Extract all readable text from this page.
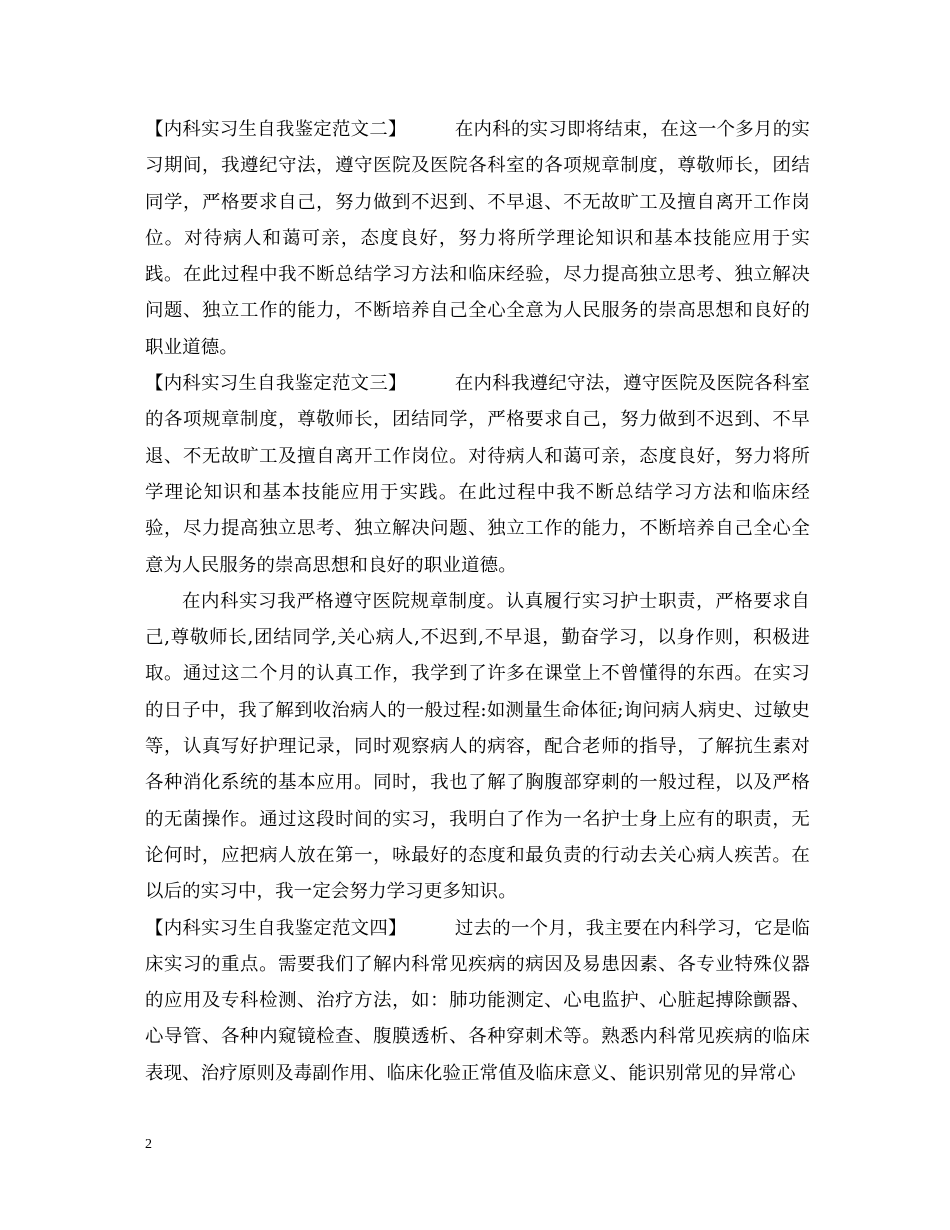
【内科实习生自我鉴定范文二】	在内科的实习即将结束，在这一个多月的实习期间，我遵纪守法，遵守医院及医院各科室的各项规章制度，尊敬师长，团结同学，严格要求自己，努力做到不迟到、不早退、不无故旷工及擅自离开工作岗位。对待病人和蔼可亲，态度良好，努力将所学理论知识和基本技能应用于实践。在此过程中我不断总结学习方法和临床经验，尽力提高独立思考、独立解决问题、独立工作的能力，不断培养自己全心全意为人民服务的崇高思想和良好的职业道德。

【内科实习生自我鉴定范文三】	在内科我遵纪守法，遵守医院及医院各科室的各项规章制度，尊敬师长，团结同学，严格要求自己，努力做到不迟到、不早退、不无故旷工及擅自离开工作岗位。对待病人和蔼可亲，态度良好，努力将所学理论知识和基本技能应用于实践。在此过程中我不断总结学习方法和临床经验，尽力提高独立思考、独立解决问题、独立工作的能力，不断培养自己全心全意为人民服务的崇高思想和良好的职业道德。

在内科实习我严格遵守医院规章制度。认真履行实习护士职责，严格要求自己,尊敬师长,团结同学,关心病人,不迟到,不早退，勤奋学习，以身作则，积极进取。通过这二个月的认真工作，我学到了许多在课堂上不曾懂得的东西。在实习的日子中，我了解到收治病人的一般过程:如测量生命体征;询问病人病史、过敏史等，认真写好护理记录，同时观察病人的病容，配合老师的指导，了解抗生素对各种消化系统的基本应用。同时，我也了解了胸腹部穿刺的一般过程，以及严格的无菌操作。通过这段时间的实习，我明白了作为一名护士身上应有的职责，无论何时，应把病人放在第一，咏最好的态度和最负责的行动去关心病人疾苦。在以后的实习中，我一定会努力学习更多知识。

【内科实习生自我鉴定范文四】	过去的一个月，我主要在内科学习，它是临床实习的重点。需要我们了解内科常见疾病的病因及易患因素、各专业特殊仪器的应用及专科检测、治疗方法，如：肺功能测定、心电监护、心脏起搏除颤器、心导管、各种内窥镜检查、腹膜透析、各种穿刺术等。熟悉内科常见疾病的临床表现、治疗原则及毒副作用、临床化验正常值及临床意义、能识别常见的异常心

2
